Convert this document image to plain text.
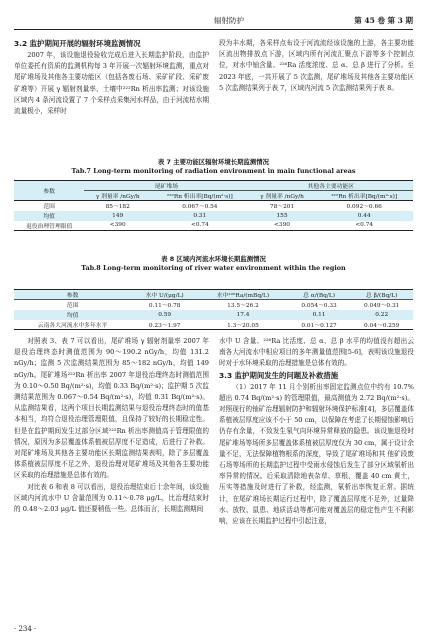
辐射防护	第 45 卷 第 3 期
3.2 监护期间开展的辐射环境监测情况
2007 年，该设施退役验收完成后进入长期监护阶段，由监护单位委托有资质的监测机构每 3 年开展一次辐射环境监测，重点对尾矿堆场及其他各主要功能区（包括各废石场、采矿矿段、采矿废矿堆等）开展 γ 辐射剂量率、土壤中²²²Rn 析出率监测；对该设施区域内 4 条河流设置了 7 个采样点采集河水样品，由于河流枯水期流量极小，采样时
段为丰水期，各采样点布设于河流流经该设施的上游，各主要功能区流出物排放点下游，区域内所有河流汇聚点下游等多个控制点位，对水中铀含量、²²⁶Ra 活度浓度、总 α、总 β 进行了分析。至 2023 年底，一共开展了 5 次监测，尾矿堆场及其他各主要功能区 5 次监测结果列于表 7，区域内河流 5 次监测结果列于表 8。
表 7 主要功能区辐射环境长期监测情况
Tab.7 Long-term monitoring of radiation environment in main functional areas
参数	尾矿堆场		其他各主要功能区	
	γ 剂量率 /nGy/h	²²²Rn 析出率[Bq/(m²·s)]	γ 剂量率 /nGy/h	²²²Rn 析出率[Bq/(m²·s)]
范围	85～182	0.067～0.54	78～201	0.092～0.66
均值	149	0.31	155	0.44
退役治理管理限值	<390	<0.74	<390	<0.74
表 8 区域内河流水环境长期监测情况
Tab.8 Long-term monitoring of river water environment within the region
参数	水中 U/(μg/L)	水中²²⁶Ra/(mBq/L)	总 α/(Bq/L)	总 β/(Bq/L)
范围	0.11～0.78	13.5～26.2	0.054～0.33	0.049～0.31
均值	0.59	17.4	0.11	0.22
云南各大河流水中多年水平	0.23～1.97	1.3～20.05	0.01～0.127	0.04～0.259
对照表 3、表 7 可以看出，尾矿堆场 γ 辐射剂量率 2007 年退役治理终态时测值范围为 90～190.2 nGy/h，均值 131.2 nGy/h；监测 5 次监测结果范围为 85～182 nGy/h，均值 149 nGy/h。尾矿堆场²²²Rn 析出率 2007 年退役治理终态时测值范围为 0.10～0.50 Bq/(m²·s)，均值 0.33 Bq/(m²·s)；监护期 5 次监测结果范围为 0.067～0.54 Bq/(m²·s)，均值 0.31 Bq/(m²·s)。从监测结果看，这两个项目长期监测结果与退役治理终态时的值基本相当，均符合退役治理管理限值，且保持了较好的长期稳定性。但是在监护期间发生过部分区域²²²Rn 析出率测值高于管理限值的情况，原因为多层覆盖体系植被层厚度不足造成，后进行了补救。对尾矿堆场及其他各主要功能区长期监测结果表明，除了多层覆盖体系植被层厚度不足之外，退役治理对尾矿堆场及其他各主要功能区采取的治理措施是总体有效的。
对比表 6 和表 8 可以看出，退役治理结束后十余年间，该设施区域内河流水中 U 含量范围为 0.11～0.78 μg/L，比治理结束时的 0.48～2.03 μg/L 值还要稍低一些。总体而言，长期监测期间
水中 U 含量、²²⁶Ra 比活度、总 α、总 β 水平的均值没有超出云南各大河流水中相应项目的多年测量值范围[5-6]，表明该设施退役时对于水环境采取的治理措施是总体有效的。
3.3 监护期间发生的问题及补救措施
（1）2017 年 11 月个别析出率固定监测点位中约有 10.7% 超出 0.74 Bq/(m²·s) 的管理限值，最高测值为 2.72 Bq/(m²·s)。对照现行的铀矿治理辐射防护和辐射环境保护标准[4]，多层覆盖体系植被层厚度应该不小于 50 cm，以保障在考虑了长期侵蚀影响后仍存有余量，不致发生氡气向环境异常释放的隐患。该设施退役时尾矿堆场等场所多层覆盖体系植被层厚度仅为 30 cm，属于设计余量不足，无法保障植物根系的深度，导致了尾矿堆场和其 他矿段废石场等场所的长期监护过程中受雨水侵蚀后发生了部分区域氡析出率异常的情况。后采取清除地表杂草、草根，覆盖 40 cm 黄土，压实等措施及时进行了补救，经监测，氡析出率恢复正常。据统计，在尾矿堆场长期运行过程中，除了覆盖层厚度不足外，过量降水、放牧、鼠患、地质活动等都可能对覆盖层的稳定性产生不利影响，应该在长期监护过程中引起注意，
· 234 ·
